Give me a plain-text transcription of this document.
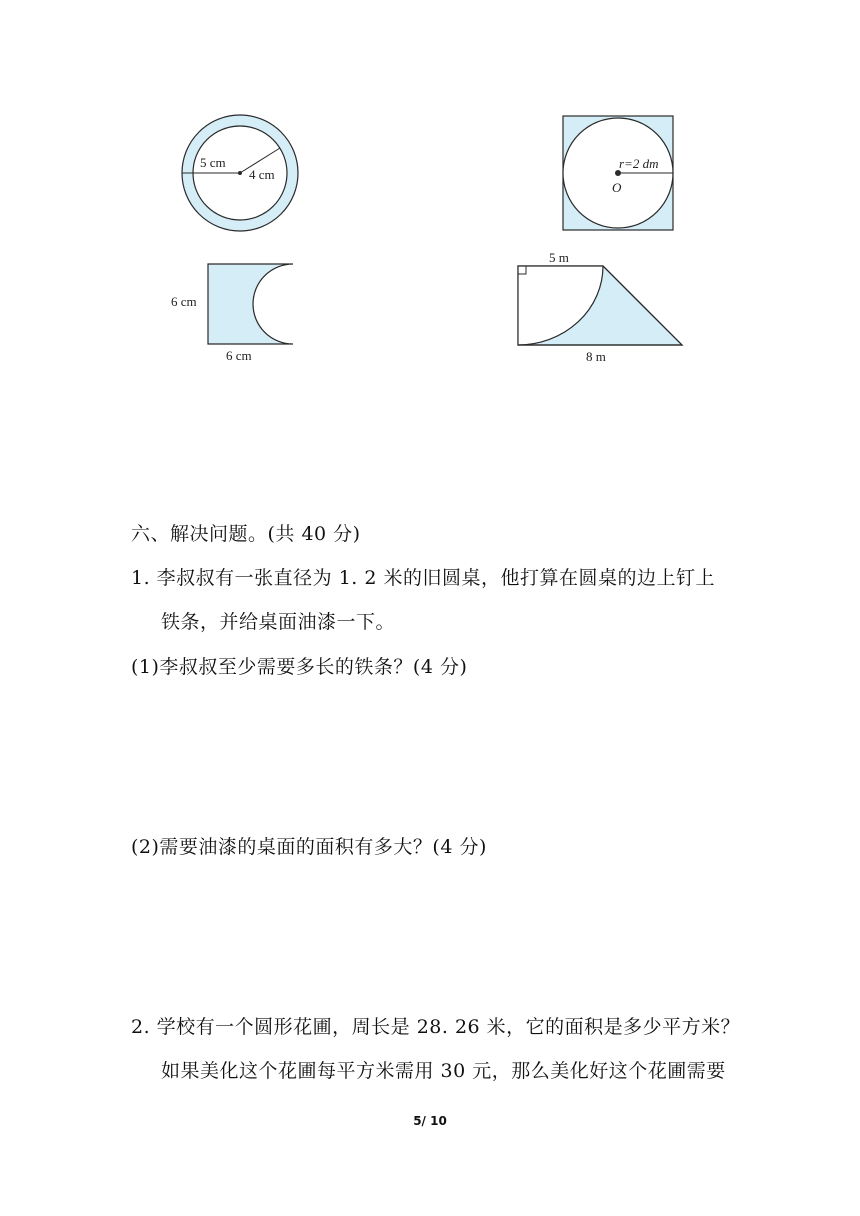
5 cm
4 cm
r=2 dm
O
6 cm
6 cm
5 m
8 m
六、解决问题。(共 40 分)
1. 李叔叔有一张直径为 1. 2 米的旧圆桌，他打算在圆桌的边上钉上
铁条，并给桌面油漆一下。
(1)李叔叔至少需要多长的铁条？(4 分)
(2)需要油漆的桌面的面积有多大？(4 分)
2. 学校有一个圆形花圃，周长是 28. 26 米，它的面积是多少平方米？
如果美化这个花圃每平方米需用 30 元，那么美化好这个花圃需要
5/ 10
